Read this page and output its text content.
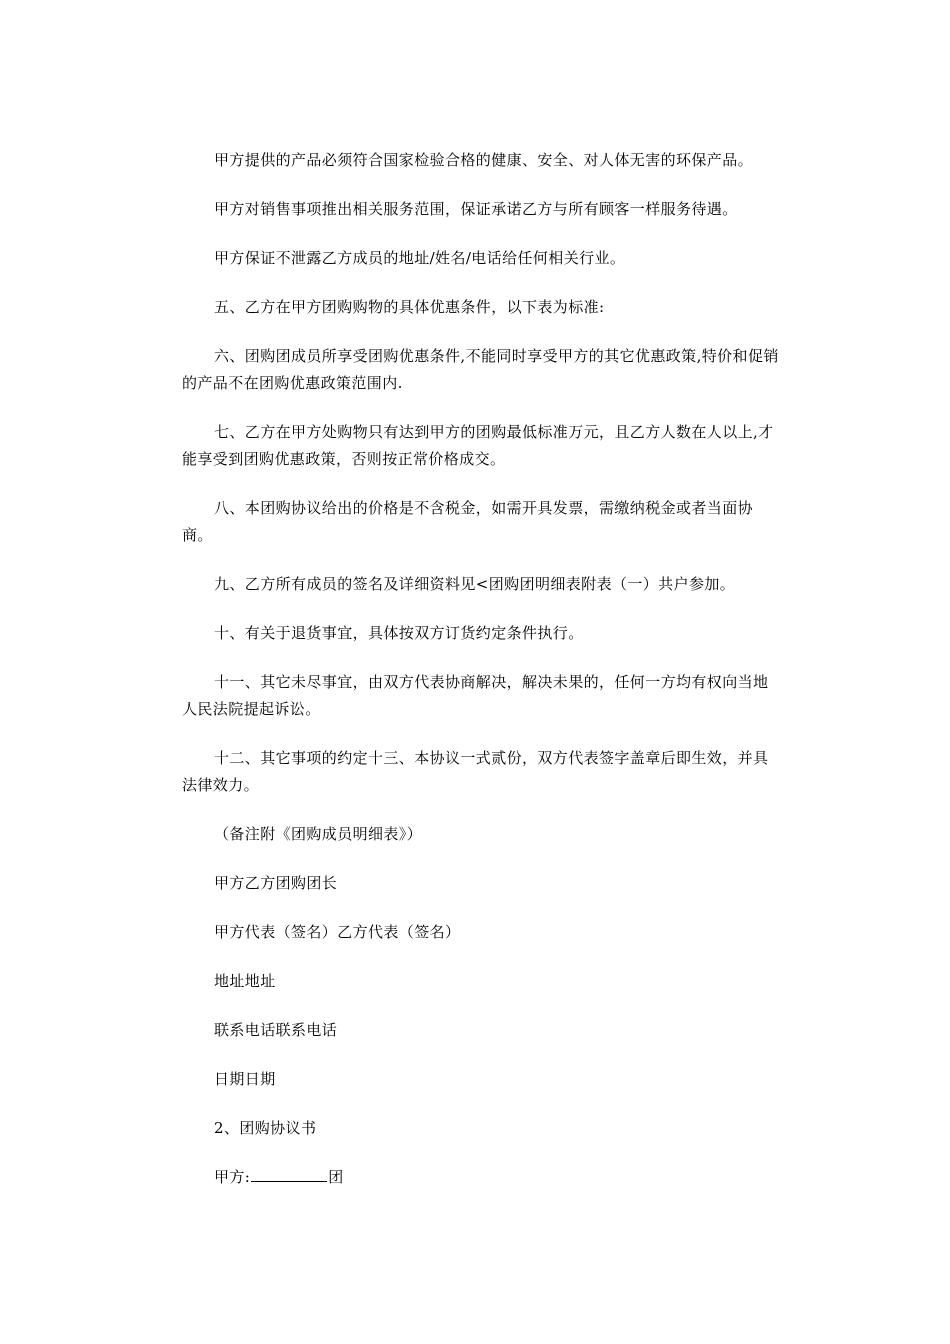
甲方提供的产品必须符合国家检验合格的健康、安全、对人体无害的环保产品。

甲方对销售事项推出相关服务范围，保证承诺乙方与所有顾客一样服务待遇。

甲方保证不泄露乙方成员的地址/姓名/电话给任何相关行业。

五、乙方在甲方团购购物的具体优惠条件，以下表为标准:

六、团购团成员所享受团购优惠条件,不能同时享受甲方的其它优惠政策,特价和促销的产品不在团购优惠政策范围内.

七、乙方在甲方处购物只有达到甲方的团购最低标准万元，且乙方人数在人以上,才能享受到团购优惠政策，否则按正常价格成交。

八、本团购协议给出的价格是不含税金，如需开具发票，需缴纳税金或者当面协商。

九、乙方所有成员的签名及详细资料见<团购团明细表附表（一）共户参加。

十、有关于退货事宜，具体按双方订货约定条件执行。

十一、其它未尽事宜，由双方代表协商解决，解决未果的，任何一方均有权向当地人民法院提起诉讼。

十二、其它事项的约定十三、本协议一式贰份，双方代表签字盖章后即生效，并具法律效力。

（备注附《团购成员明细表》）

甲方乙方团购团长

甲方代表（签名）乙方代表（签名）

地址地址

联系电话联系电话

日期日期

2、团购协议书

甲方:	团
